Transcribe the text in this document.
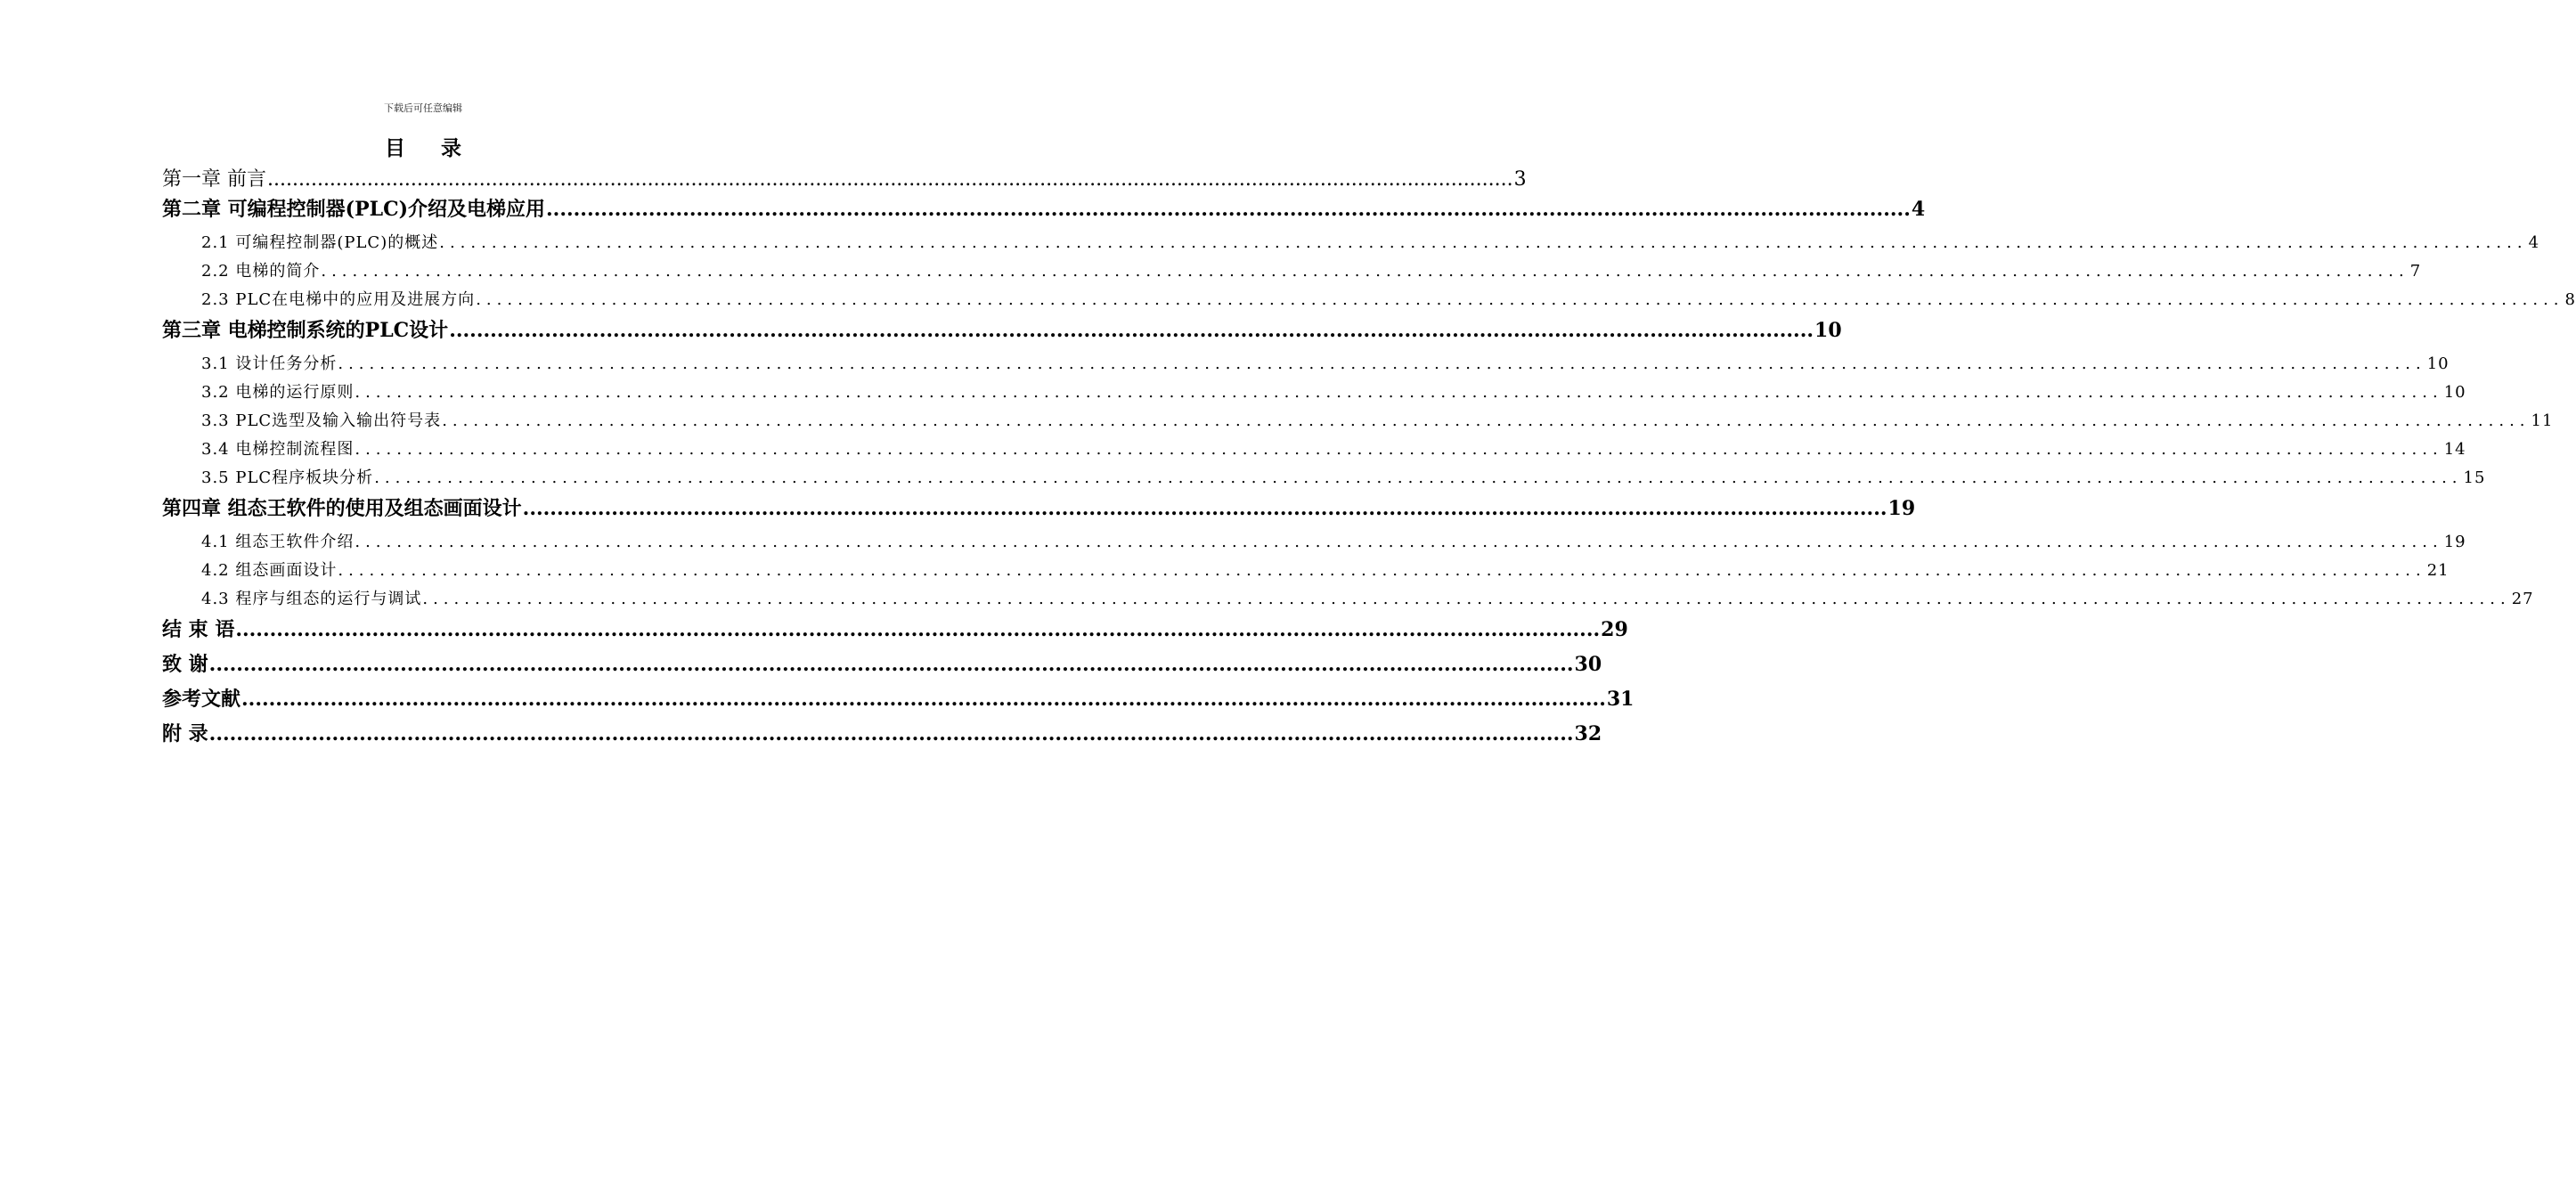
下载后可任意编辑
目 录
第一章 前言 ........................................................................................................................................................................................................ 3
第二章 可编程控制器(PLC)介绍及电梯应用 ........................................................................................................................................................................................................ 4
2.1 可编程控制器(PLC)的概述 ........................................................................................................................................................................................................ 4
2.2 电梯的简介 ........................................................................................................................................................................................................ 7
2.3 PLC在电梯中的应用及进展方向 ........................................................................................................................................................................................................ 8
第三章 电梯控制系统的PLC设计 ........................................................................................................................................................................................................ 10
3.1 设计任务分析 ........................................................................................................................................................................................................ 10
3.2 电梯的运行原则 ........................................................................................................................................................................................................ 10
3.3 PLC选型及输入输出符号表 ........................................................................................................................................................................................................ 11
3.4 电梯控制流程图 ........................................................................................................................................................................................................ 14
3.5 PLC程序板块分析 ........................................................................................................................................................................................................ 15
第四章 组态王软件的使用及组态画面设计 ........................................................................................................................................................................................................ 19
4.1 组态王软件介绍 ........................................................................................................................................................................................................ 19
4.2 组态画面设计 ........................................................................................................................................................................................................ 21
4.3 程序与组态的运行与调试 ........................................................................................................................................................................................................ 27
结 束 语 ........................................................................................................................................................................................................ 29
致 谢 ........................................................................................................................................................................................................ 30
参考文献 ........................................................................................................................................................................................................ 31
附 录 ........................................................................................................................................................................................................ 32
